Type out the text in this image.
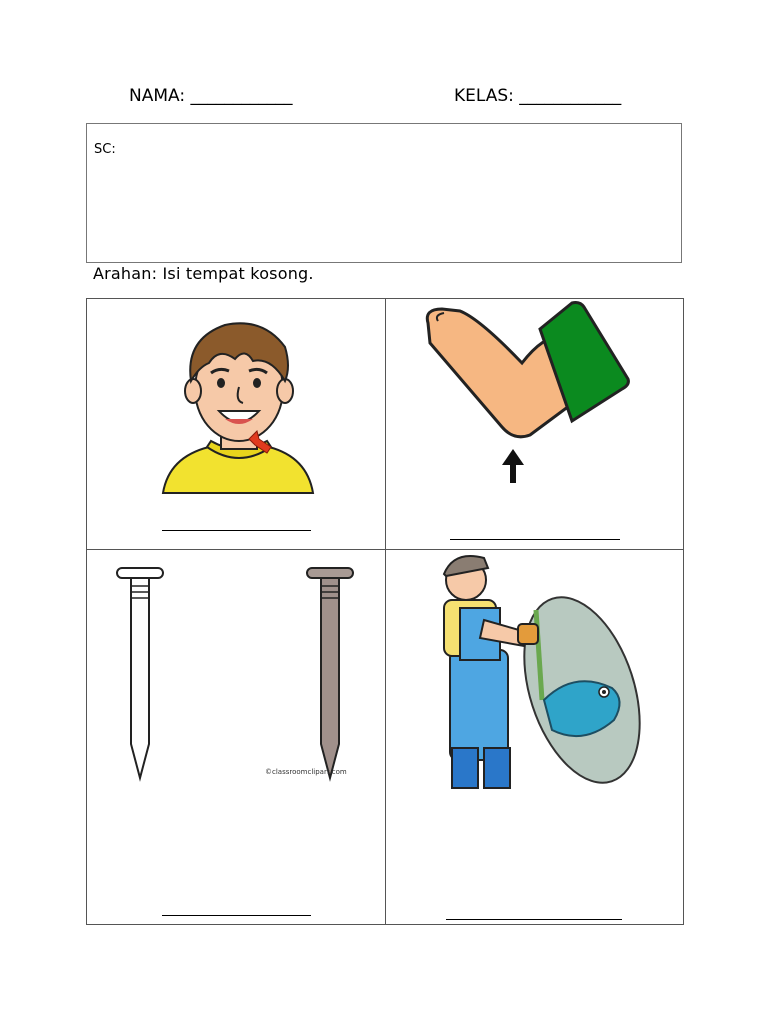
NAMA: ____________	KELAS: ____________
SC:
Arahan: Isi tempat kosong.
©classroomclipart.com
